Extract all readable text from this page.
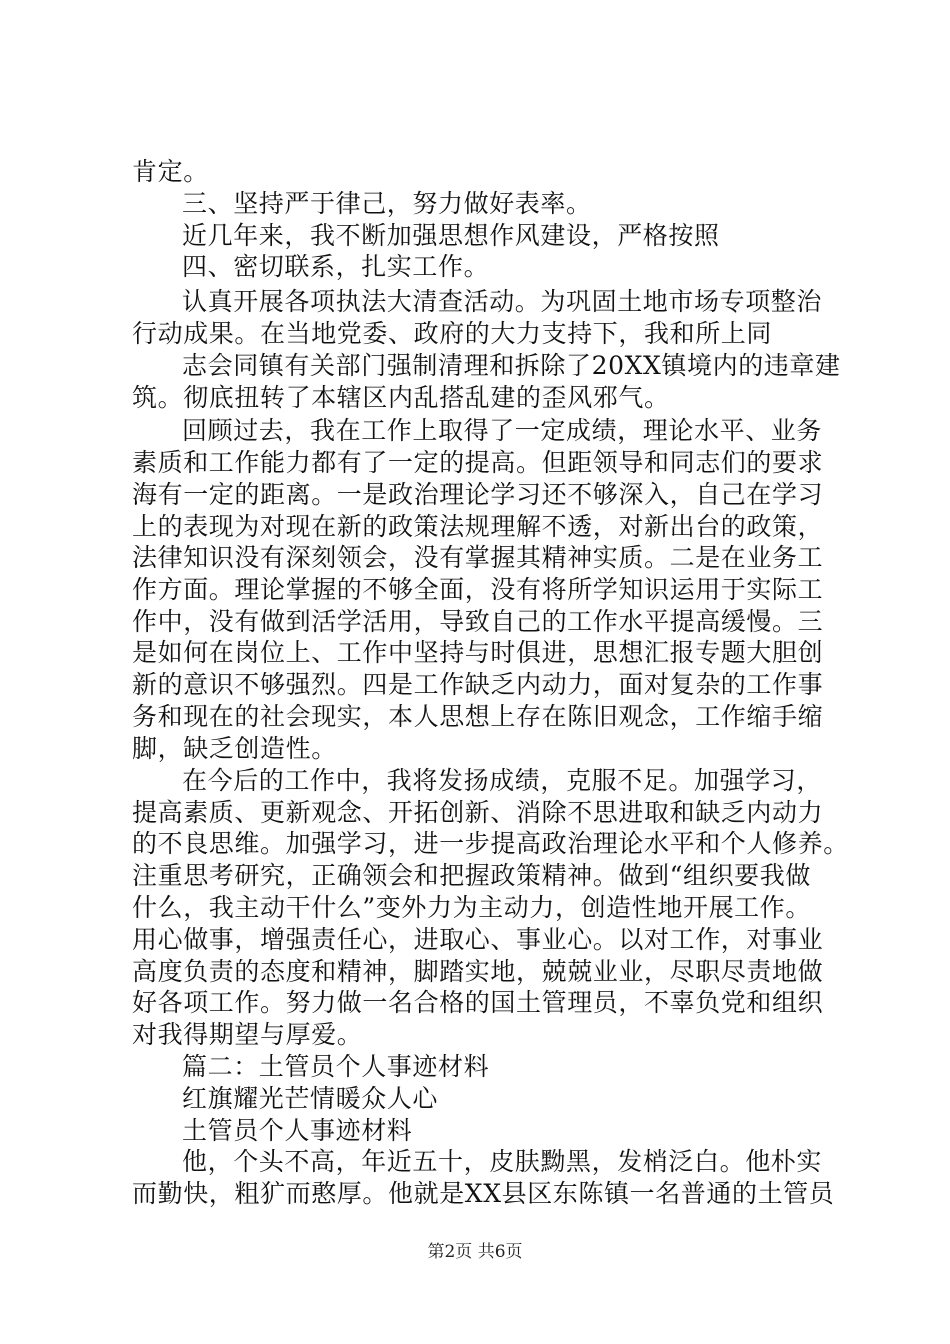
肯定。
三、坚持严于律己，努力做好表率。
近几年来，我不断加强思想作风建设，严格按照
四、密切联系，扎实工作。
认真开展各项执法大清查活动。为巩固土地市场专项整治
行动成果。在当地党委、政府的大力支持下，我和所上同
志会同镇有关部门强制清理和拆除了20XX镇境内的违章建
筑。彻底扭转了本辖区内乱搭乱建的歪风邪气。
回顾过去，我在工作上取得了一定成绩，理论水平、业务
素质和工作能力都有了一定的提高。但距领导和同志们的要求
海有一定的距离。一是政治理论学习还不够深入，自己在学习
上的表现为对现在新的政策法规理解不透，对新出台的政策，
法律知识没有深刻领会，没有掌握其精神实质。二是在业务工
作方面。理论掌握的不够全面，没有将所学知识运用于实际工
作中，没有做到活学活用，导致自己的工作水平提高缓慢。三
是如何在岗位上、工作中坚持与时俱进，思想汇报专题大胆创
新的意识不够强烈。四是工作缺乏内动力，面对复杂的工作事
务和现在的社会现实，本人思想上存在陈旧观念，工作缩手缩
脚，缺乏创造性。
在今后的工作中，我将发扬成绩，克服不足。加强学习，
提高素质、更新观念、开拓创新、消除不思进取和缺乏内动力
的不良思维。加强学习，进一步提高政治理论水平和个人修养。
注重思考研究，正确领会和把握政策精神。做到“组织要我做
什么，我主动干什么”变外力为主动力，创造性地开展工作。
用心做事，增强责任心，进取心、事业心。以对工作，对事业
高度负责的态度和精神，脚踏实地，兢兢业业，尽职尽责地做
好各项工作。努力做一名合格的国土管理员，不辜负党和组织
对我得期望与厚爱。
篇二：土管员个人事迹材料
红旗耀光芒情暖众人心
土管员个人事迹材料
他，个头不高，年近五十，皮肤黝黑，发梢泛白。他朴实
而勤快，粗犷而憨厚。他就是XX县区东陈镇一名普通的土管员
第2页 共6页
